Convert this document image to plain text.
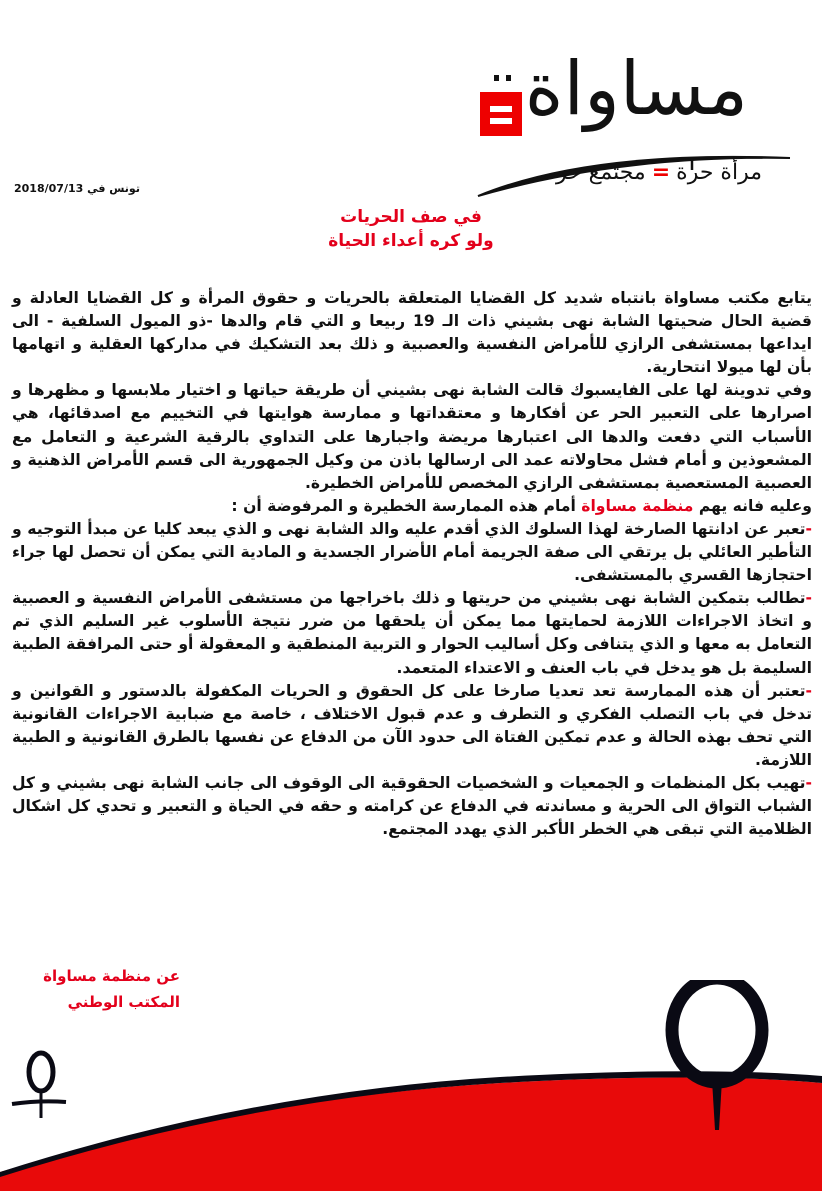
مساواة
مرأة حرة=مجتمع حر
تونس في 2018/07/13
في صف الحريات
ولو كره أعداء الحياة

يتابع مكتب مساواة بانتباه شديد كل القضايا المتعلقة بالحريات و حقوق المرأة و كل القضايا العادلة و قضية الحال ضحيتها الشابة نهى بشيني ذات الـ 19 ربيعا و التي قام والدها -ذو الميول السلفية - الى ايداعها بمستشفى الرازي للأمراض النفسية والعصبية و ذلك بعد التشكيك في مداركها العقلية و اتهامها بأن لها ميولا انتحارية.

وفي تدوينة لها على الفايسبوك قالت الشابة نهى بشيني أن طريقة حياتها و اختيار ملابسها و مظهرها و اصرارها على التعبير الحر عن أفكارها و معتقداتها و ممارسة هوايتها في التخييم مع اصدقائها، هي الأسباب التي دفعت والدها الى اعتبارها مريضة واجبارها على التداوي بالرقية الشرعية و التعامل مع المشعوذين و أمام فشل محاولاته عمد الى ارسالها باذن من وكيل الجمهورية الى قسم الأمراض الذهنية و العصبية المستعصية بمستشفى الرازي المخصص للأمراض الخطيرة.

وعليه فانه يهم منظمة مساواة أمام هذه الممارسة الخطيرة و المرفوضة أن :

-تعبر عن ادانتها الصارخة لهذا السلوك الذي أقدم عليه والد الشابة نهى و الذي يبعد كليا عن مبدأ التوجيه و التأطير العائلي بل يرتقي الى صفة الجريمة أمام الأضرار الجسدية و المادية التي يمكن أن تحصل لها جراء احتجازها القسري بالمستشفى.

-تطالب بتمكين الشابة نهى بشيني من حريتها و ذلك باخراجها من مستشفى الأمراض النفسية و العصبية و اتخاذ الاجراءات اللازمة لحمايتها مما يمكن أن يلحقها من ضرر نتيجة الأسلوب غير السليم الذي تم التعامل به معها و الذي يتنافى وكل أساليب الحوار و التربية المنطقية و المعقولة أو حتى المرافقة الطبية السليمة بل هو يدخل في باب العنف و الاعتداء المتعمد.

-تعتبر أن هذه الممارسة تعد تعديا صارخا على كل الحقوق و الحريات المكفولة بالدستور و القوانين و تدخل في باب التصلب الفكري و التطرف و عدم قبول الاختلاف ، خاصة مع ضبابية الاجراءات القانونية التي تحف بهذه الحالة و عدم تمكين الفتاة الى حدود الآن من الدفاع عن نفسها بالطرق القانونية و الطبية اللازمة.

-تهيب بكل المنظمات و الجمعيات و الشخصيات الحقوقية الى الوقوف الى جانب الشابة نهى بشيني و كل الشباب التواق الى الحرية و مساندته في الدفاع عن كرامته و حقه في الحياة و التعبير و تحدي كل اشكال الظلامية التي تبقى هي الخطر الأكبر الذي يهدد المجتمع.

عن منظمة مساواة
المكتب الوطني
